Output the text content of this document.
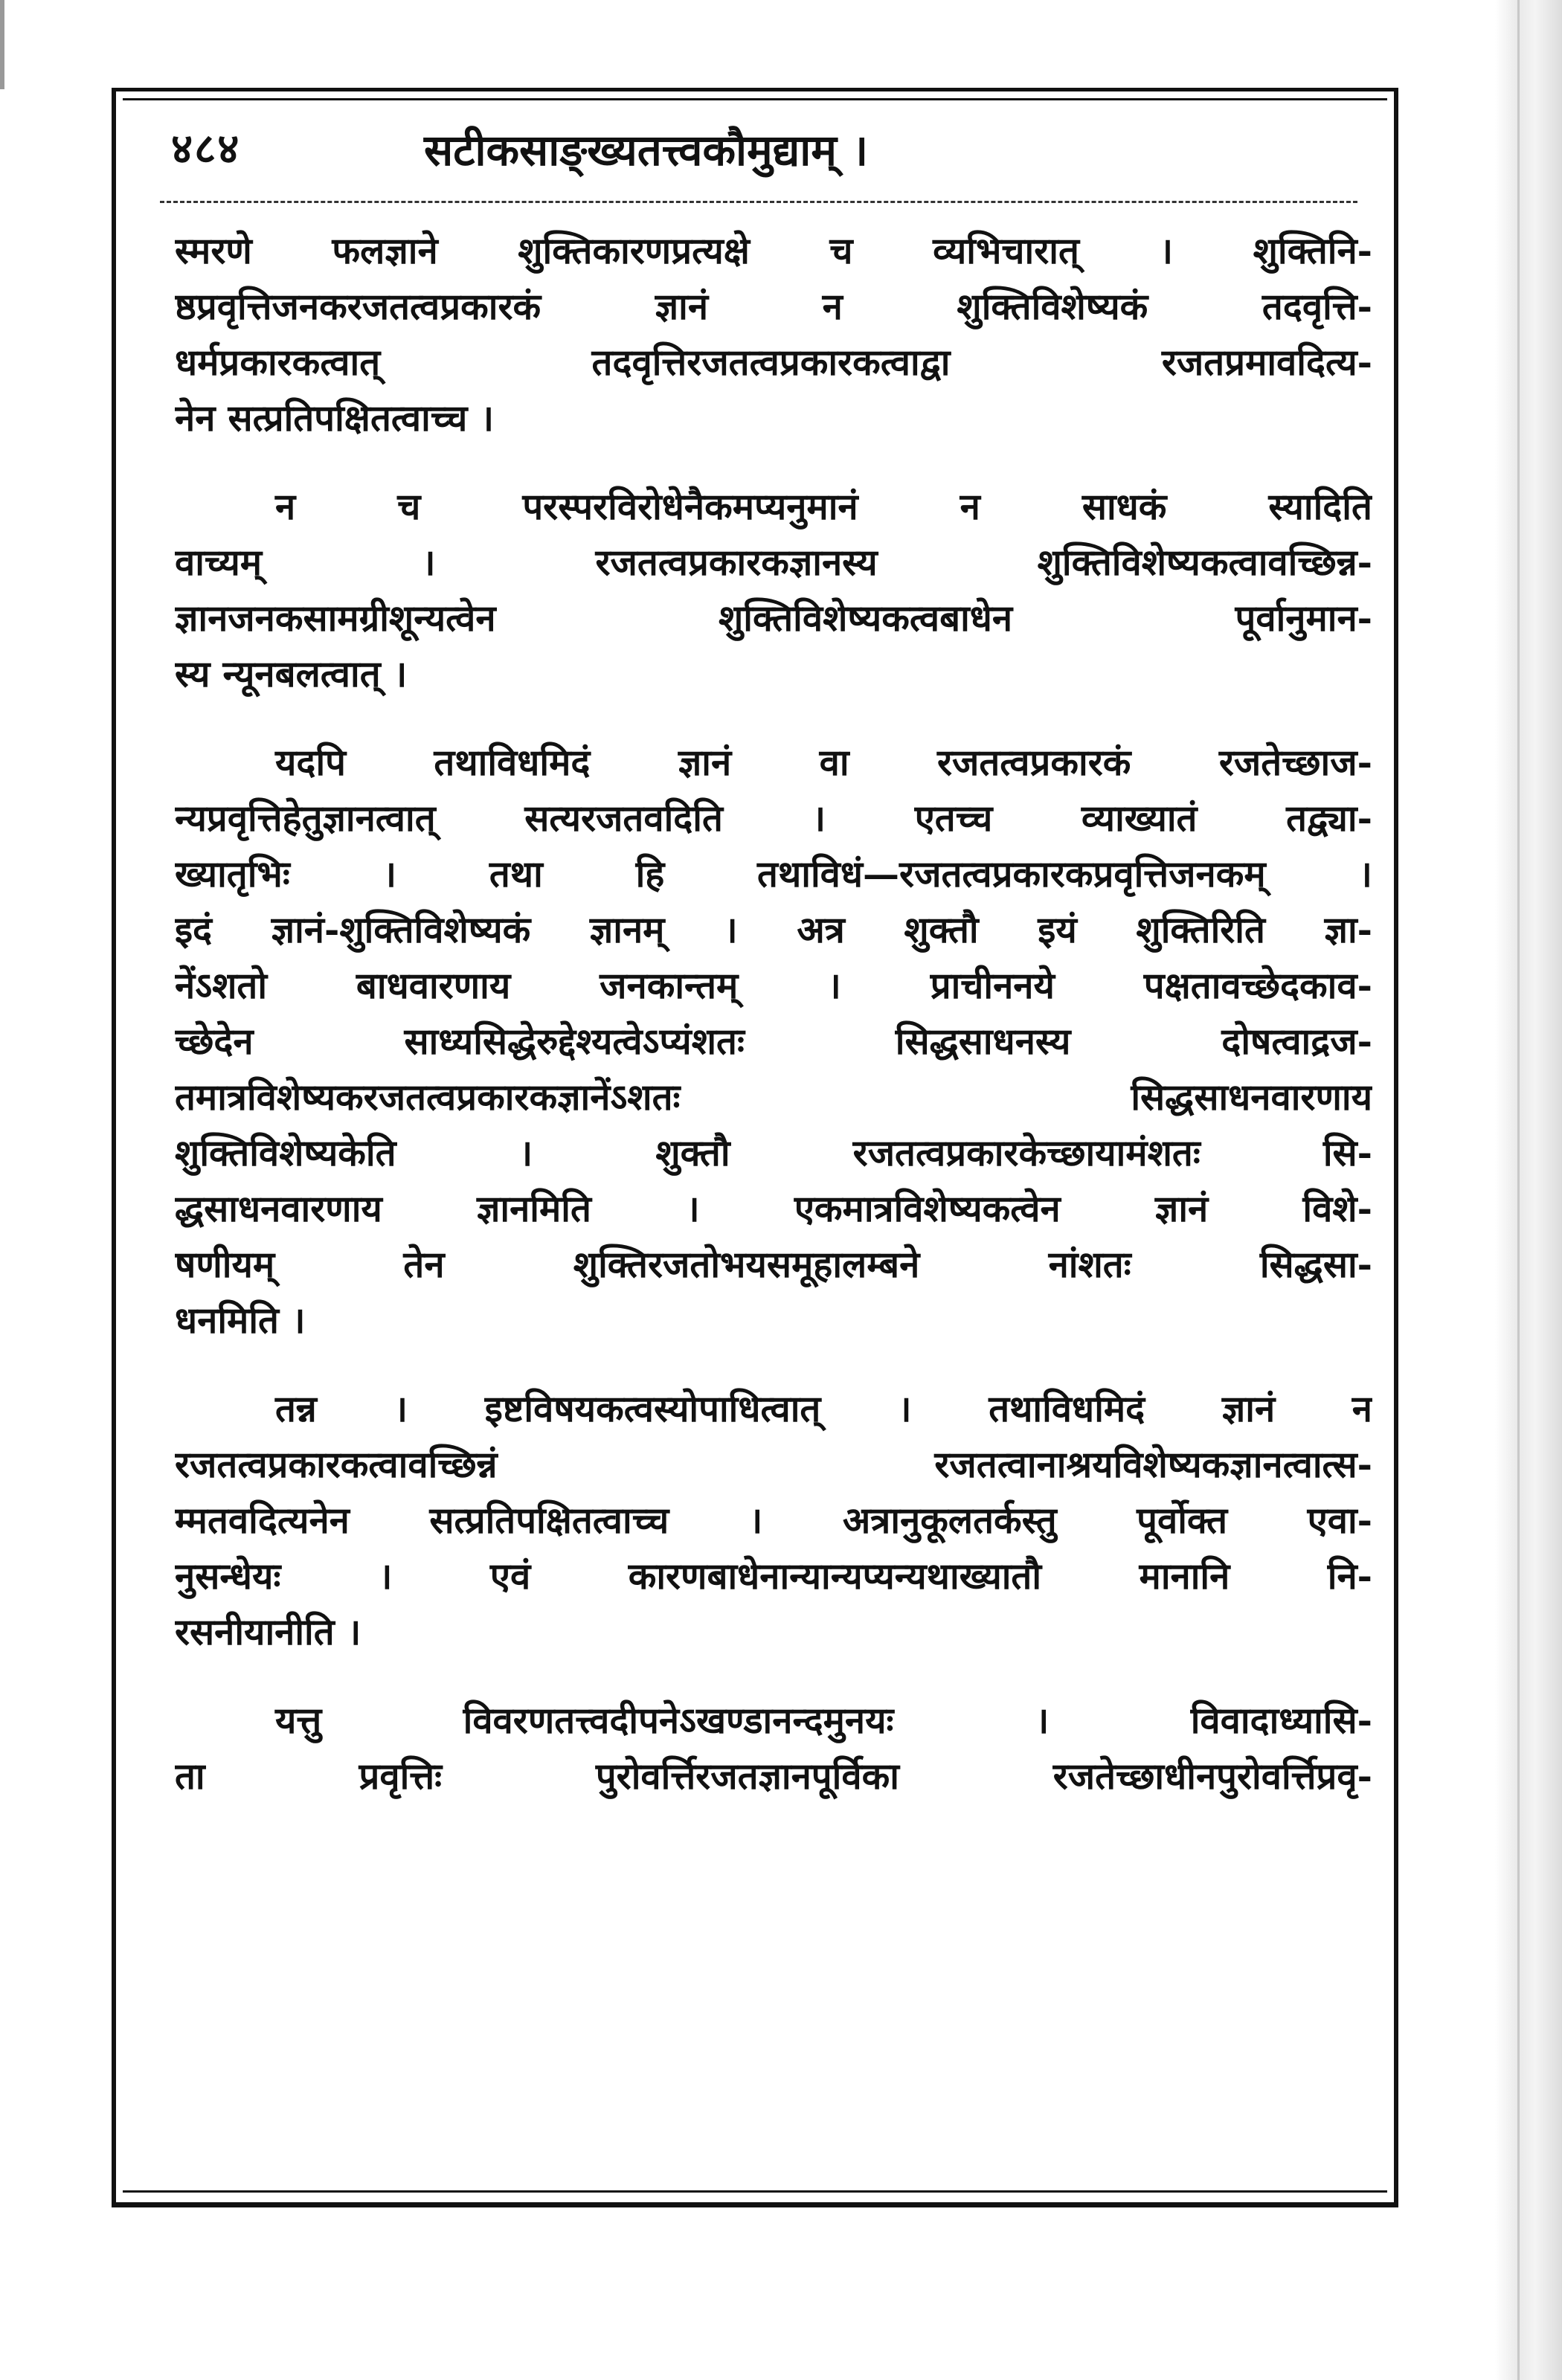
४८४	सटीकसाङ्ख्यतत्त्वकौमुद्याम् ।
स्मरणे फलज्ञाने शुक्तिकारणप्रत्यक्षे च व्यभिचारात् । शुक्तिनि-
ष्ठप्रवृत्तिजनकरजतत्वप्रकारकं	ज्ञानं	न	शुक्तिविशेष्यकं	तदवृत्ति-
धर्मप्रकारकत्वात्	तदवृत्तिरजतत्वप्रकारकत्वाद्वा	रजतप्रमावदित्य-
नेन सत्प्रतिपक्षितत्वाच्च ।
न	च	परस्परविरोधेनैकमप्यनुमानं	न	साधकं	स्यादिति
वाच्यम्	।	रजतत्वप्रकारकज्ञानस्य	शुक्तिविशेष्यकत्वावच्छिन्न-
ज्ञानजनकसामग्रीशून्यत्वेन	शुक्तिविशेष्यकत्वबाधेन	पूर्वानुमान-
स्य न्यूनबलत्वात् ।
यदपि तथाविधमिदं ज्ञानं वा रजतत्वप्रकारकं रजतेच्छाज-
न्यप्रवृत्तिहेतुज्ञानत्वात् सत्यरजतवदिति । एतच्च व्याख्यातं तद्व्या-
ख्यातृभिः	।	तथा	हि	तथाविधं—रजतत्वप्रकारकप्रवृत्तिजनकम्	।
इदं ज्ञानं-शुक्तिविशेष्यकं ज्ञानम् । अत्र शुक्तौ इयं शुक्तिरिति ज्ञा-
नेंऽशतो बाधवारणाय जनकान्तम् । प्राचीननये पक्षतावच्छेदकाव-
च्छेदेन	साध्यसिद्धेरुद्देश्यत्वेऽप्यंशतः	सिद्धसाधनस्य	दोषत्वाद्रज-
तमात्रविशेष्यकरजतत्वप्रकारकज्ञानेंऽशतः	सिद्धसाधनवारणाय
शुक्तिविशेष्यकेति	।	शुक्तौ	रजतत्वप्रकारकेच्छायामंशतः	सि-
द्धसाधनवारणाय	ज्ञानमिति	।	एकमात्रविशेष्यकत्वेन	ज्ञानं	विशे-
षणीयम्	तेन	शुक्तिरजतोभयसमूहालम्बने	नांशतः	सिद्धसा-
धनमिति ।
तन्न । इष्टविषयकत्वस्योपाधित्वात् । तथाविधमिदं ज्ञानं न
रजतत्वप्रकारकत्वावच्छिन्नं	रजतत्वानाश्रयविशेष्यकज्ञानत्वात्स-
म्मतवदित्यनेन सत्प्रतिपक्षितत्वाच्च । अत्रानुकूलतर्कस्तु पूर्वोक्त एवा-
नुसन्धेयः	।	एवं	कारणबाधेनान्यान्यप्यन्यथाख्यातौ	मानानि	नि-
रसनीयानीति ।
यत्तु	विवरणतत्त्वदीपनेऽखण्डानन्दमुनयः	।	विवादाध्यासि-
ता	प्रवृत्तिः	पुरोवर्त्तिरजतज्ञानपूर्विका	रजतेच्छाधीनपुरोवर्त्तिप्रवृ-
